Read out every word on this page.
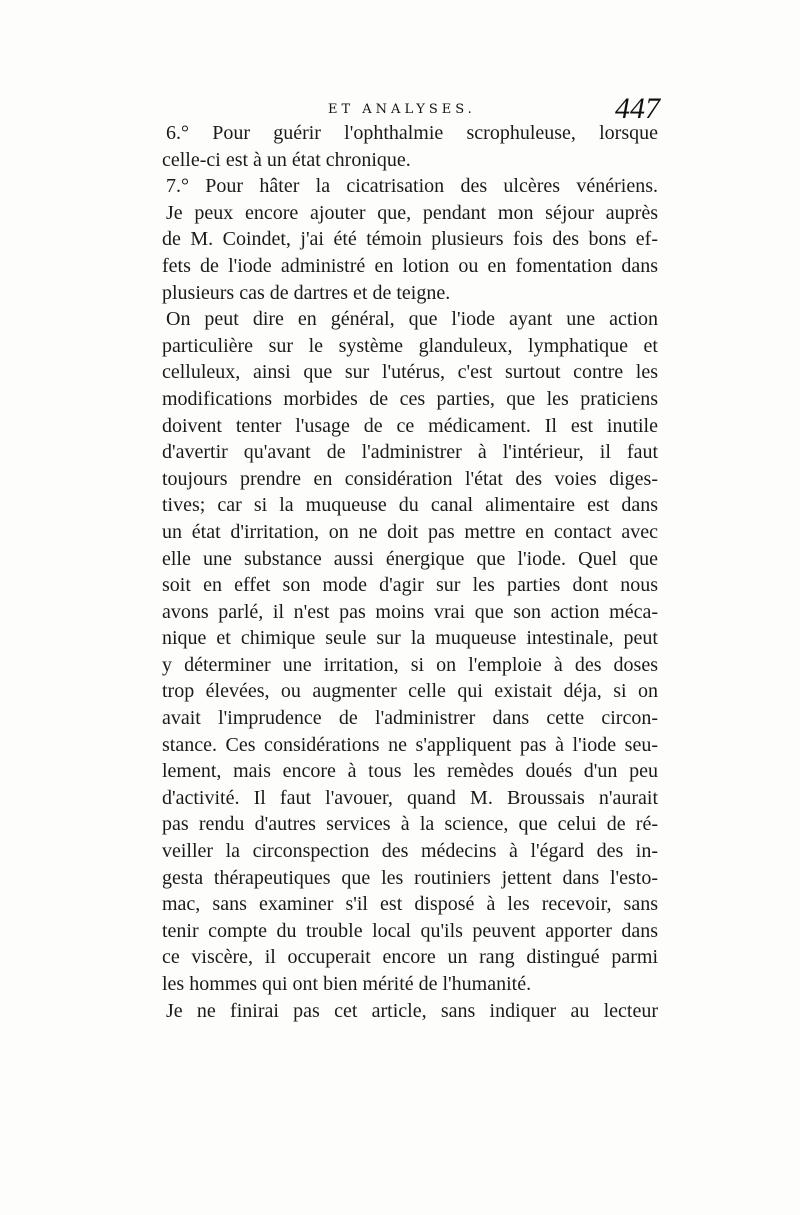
ET ANALYSES.	447
6.° Pour guérir l'ophthalmie scrophuleuse, lorsque
celle-ci est à un état chronique.
7.° Pour hâter la cicatrisation des ulcères vénériens.
Je peux encore ajouter que, pendant mon séjour auprès
de M. Coindet, j'ai été témoin plusieurs fois des bons ef-
fets de l'iode administré en lotion ou en fomentation dans
plusieurs cas de dartres et de teigne.
On peut dire en général, que l'iode ayant une action
particulière sur le système glanduleux, lymphatique et
celluleux, ainsi que sur l'utérus, c'est surtout contre les
modifications morbides de ces parties, que les praticiens
doivent tenter l'usage de ce médicament. Il est inutile
d'avertir qu'avant de l'administrer à l'intérieur, il faut
toujours prendre en considération l'état des voies diges-
tives; car si la muqueuse du canal alimentaire est dans
un état d'irritation, on ne doit pas mettre en contact avec
elle une substance aussi énergique que l'iode. Quel que
soit en effet son mode d'agir sur les parties dont nous
avons parlé, il n'est pas moins vrai que son action méca-
nique et chimique seule sur la muqueuse intestinale, peut
y déterminer une irritation, si on l'emploie à des doses
trop élevées, ou augmenter celle qui existait déja, si on
avait l'imprudence de l'administrer dans cette circon-
stance. Ces considérations ne s'appliquent pas à l'iode seu-
lement, mais encore à tous les remèdes doués d'un peu
d'activité. Il faut l'avouer, quand M. Broussais n'aurait
pas rendu d'autres services à la science, que celui de ré-
veiller la circonspection des médecins à l'égard des in-
gesta thérapeutiques que les routiniers jettent dans l'esto-
mac, sans examiner s'il est disposé à les recevoir, sans
tenir compte du trouble local qu'ils peuvent apporter dans
ce viscère, il occuperait encore un rang distingué parmi
les hommes qui ont bien mérité de l'humanité.
Je ne finirai pas cet article, sans indiquer au lecteur
